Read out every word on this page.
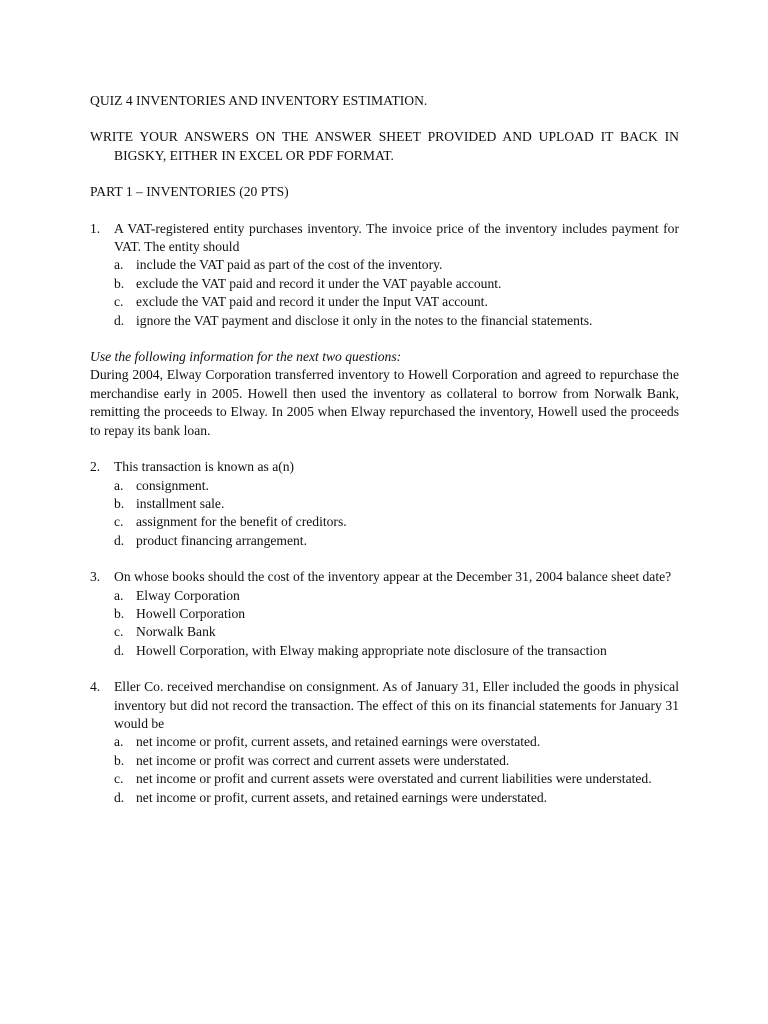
QUIZ 4 INVENTORIES AND INVENTORY ESTIMATION.

WRITE YOUR ANSWERS ON THE ANSWER SHEET PROVIDED AND UPLOAD IT BACK IN BIGSKY, EITHER IN EXCEL OR PDF FORMAT.

PART 1 – INVENTORIES (20 PTS)
1.	A VAT-registered entity purchases inventory. The invoice price of the inventory includes payment for VAT. The entity should
a. include the VAT paid as part of the cost of the inventory.
b. exclude the VAT paid and record it under the VAT payable account.
c. exclude the VAT paid and record it under the Input VAT account.
d. ignore the VAT payment and disclose it only in the notes to the financial statements.

Use the following information for the next two questions:

During 2004, Elway Corporation transferred inventory to Howell Corporation and agreed to repurchase the merchandise early in 2005. Howell then used the inventory as collateral to borrow from Norwalk Bank, remitting the proceeds to Elway. In 2005 when Elway repurchased the inventory, Howell used the proceeds to repay its bank loan.

2.	This transaction is known as a(n)
a. consignment.
b. installment sale.
c. assignment for the benefit of creditors.
d. product financing arrangement.
3.	On whose books should the cost of the inventory appear at the December 31, 2004 balance sheet date?
a. Elway Corporation
b. Howell Corporation
c. Norwalk Bank
d. Howell Corporation, with Elway making appropriate note disclosure of the transaction
4.	Eller Co. received merchandise on consignment. As of January 31, Eller included the goods in physical inventory but did not record the transaction. The effect of this on its financial statements for January 31 would be
a. net income or profit, current assets, and retained earnings were overstated.
b. net income or profit was correct and current assets were understated.
c. net income or profit and current assets were overstated and current liabilities were understated.
d. net income or profit, current assets, and retained earnings were understated.
